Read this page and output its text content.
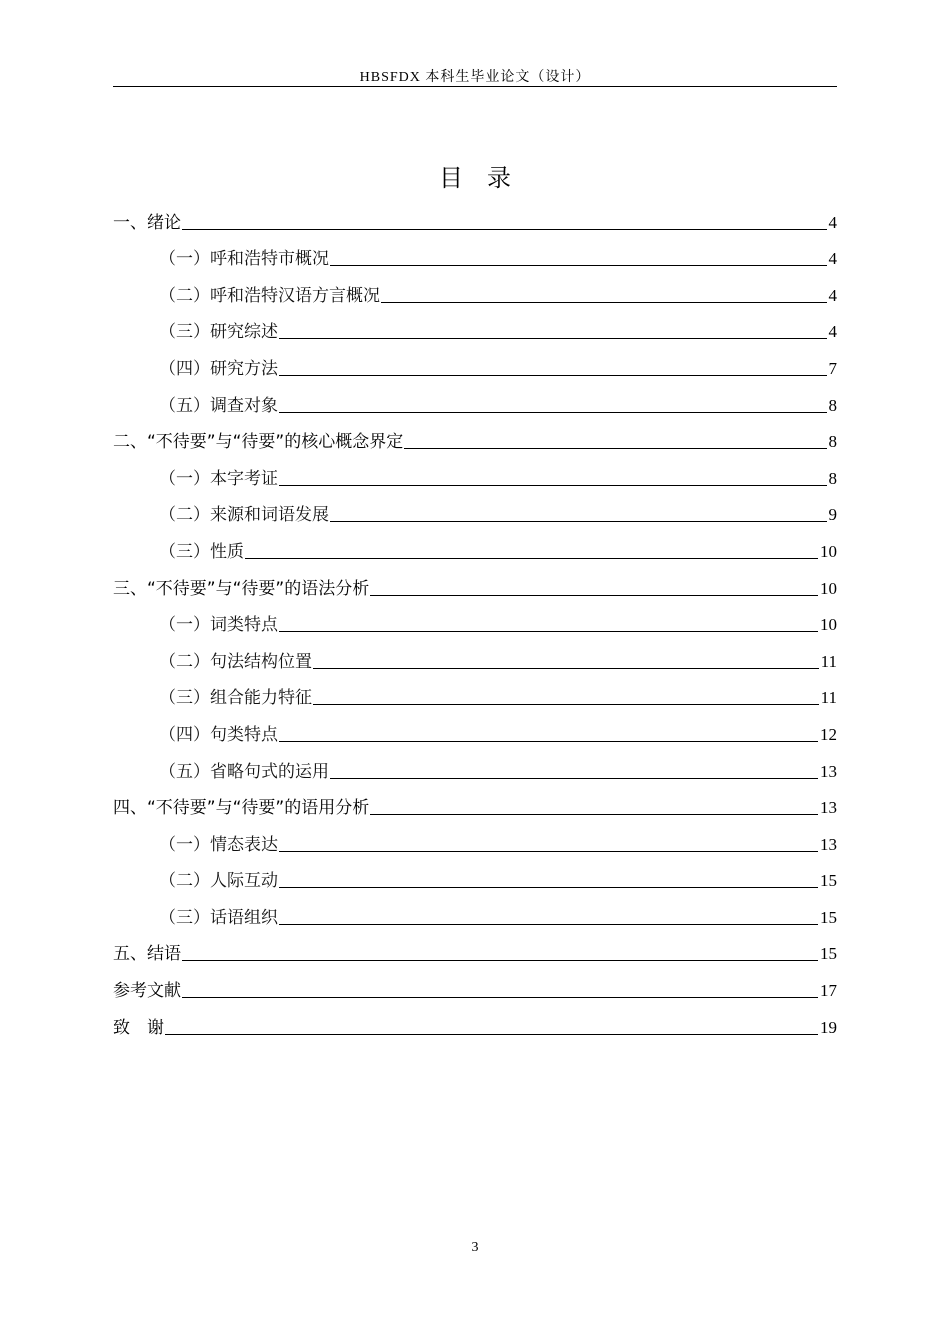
HBSFDX 本科生毕业论文（设计）
目　录
一、绪论	4
（一）呼和浩特市概况	4
（二）呼和浩特汉语方言概况	4
（三）研究综述	4
（四）研究方法	7
（五）调查对象	8
二、“不待要”与“待要”的核心概念界定	8
（一）本字考证	8
（二）来源和词语发展	9
（三）性质	10
三、“不待要”与“待要”的语法分析	10
（一）词类特点	10
（二）句法结构位置	11
（三）组合能力特征	11
（四）句类特点	12
（五）省略句式的运用	13
四、“不待要”与“待要”的语用分析	13
（一）情态表达	13
（二）人际互动	15
（三）话语组织	15
五、结语	15
参考文献	17
致　谢	19
3
